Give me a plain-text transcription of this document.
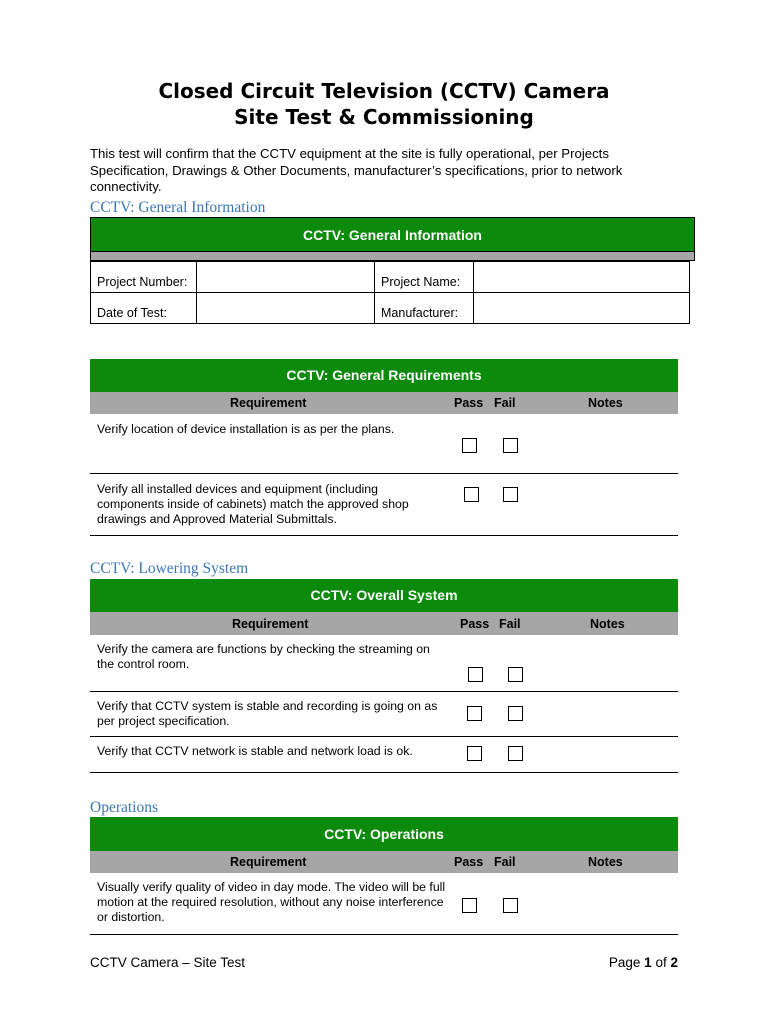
Closed Circuit Television (CCTV) Camera
Site Test & Commissioning
This test will confirm that the CCTV equipment at the site is fully operational, per Projects Specification, Drawings & Other Documents, manufacturer’s specifications, prior to network connectivity.
CCTV: General Information
CCTV: General Information
Project Number:		Project Name:	
Date of Test:		Manufacturer:	
CCTV: General Requirements
Requirement	Pass Fail	Notes
Verify location of device installation is as per the plans.
Verify all installed devices and equipment (including components inside of cabinets) match the approved shop drawings and Approved Material Submittals.
CCTV: Lowering System
CCTV: Overall System
Requirement	Pass Fail	Notes
Verify the camera are functions by checking the streaming on the control room.
Verify that CCTV system is stable and recording is going on as per project specification.
Verify that CCTV network is stable and network load is ok.
Operations
CCTV: Operations
Requirement	Pass Fail	Notes
Visually verify quality of video in day mode. The video will be full motion at the required resolution, without any noise interference or distortion.
CCTV Camera – Site Test	Page 1 of 2
